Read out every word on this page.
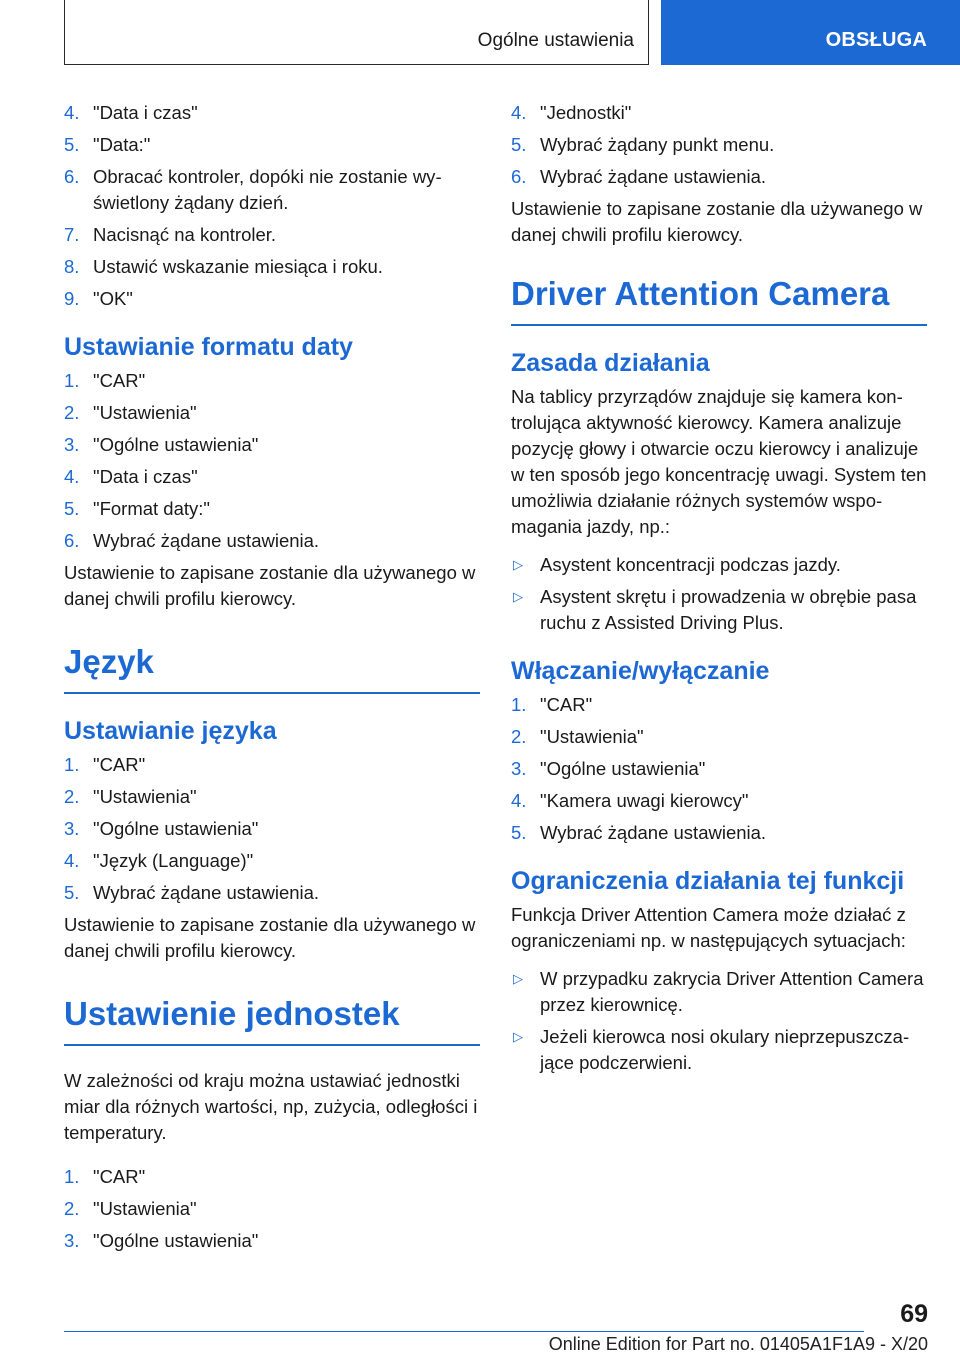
Ogólne ustawienia	OBSŁUGA
4. "Data i czas"
5. "Data:"
6. Obracać kontroler, dopóki nie zostanie wyświetlony żądany dzień.
7. Nacisnąć na kontroler.
8. Ustawić wskazanie miesiąca i roku.
9. "OK"
Ustawianie formatu daty
1. "CAR"
2. "Ustawienia"
3. "Ogólne ustawienia"
4. "Data i czas"
5. "Format daty:"
6. Wybrać żądane ustawienia.

Ustawienie to zapisane zostanie dla używanego w danej chwili profilu kierowcy.

Język
Ustawianie języka
1. "CAR"
2. "Ustawienia"
3. "Ogólne ustawienia"
4. "Język (Language)"
5. Wybrać żądane ustawienia.

Ustawienie to zapisane zostanie dla używanego w danej chwili profilu kierowcy.

Ustawienie jednostek

W zależności od kraju można ustawiać jednostki miar dla różnych wartości, np, zużycia, odległości i temperatury.

1. "CAR"
2. "Ustawienia"
3. "Ogólne ustawienia"
4. "Jednostki"
5. Wybrać żądany punkt menu.
6. Wybrać żądane ustawienia.

Ustawienie to zapisane zostanie dla używanego w danej chwili profilu kierowcy.

Driver Attention Camera
Zasada działania

Na tablicy przyrządów znajduje się kamera kontrolująca aktywność kierowcy. Kamera analizuje pozycję głowy i otwarcie oczu kierowcy i analizuje w ten sposób jego koncentrację uwagi. System ten umożliwia działanie różnych systemów wspomagania jazdy, np.:

▷ Asystent koncentracji podczas jazdy.
▷ Asystent skrętu i prowadzenia w obrębie pasa ruchu z Assisted Driving Plus.
Włączanie/wyłączanie
1. "CAR"
2. "Ustawienia"
3. "Ogólne ustawienia"
4. "Kamera uwagi kierowcy"
5. Wybrać żądane ustawienia.
Ograniczenia działania tej funkcji

Funkcja Driver Attention Camera może działać z ograniczeniami np. w następujących sytuacjach:

▷ W przypadku zakrycia Driver Attention Camera przez kierownicę.
▷ Jeżeli kierowca nosi okulary nieprzepuszczające podczerwieni.
69
Online Edition for Part no. 01405A1F1A9 - X/20
